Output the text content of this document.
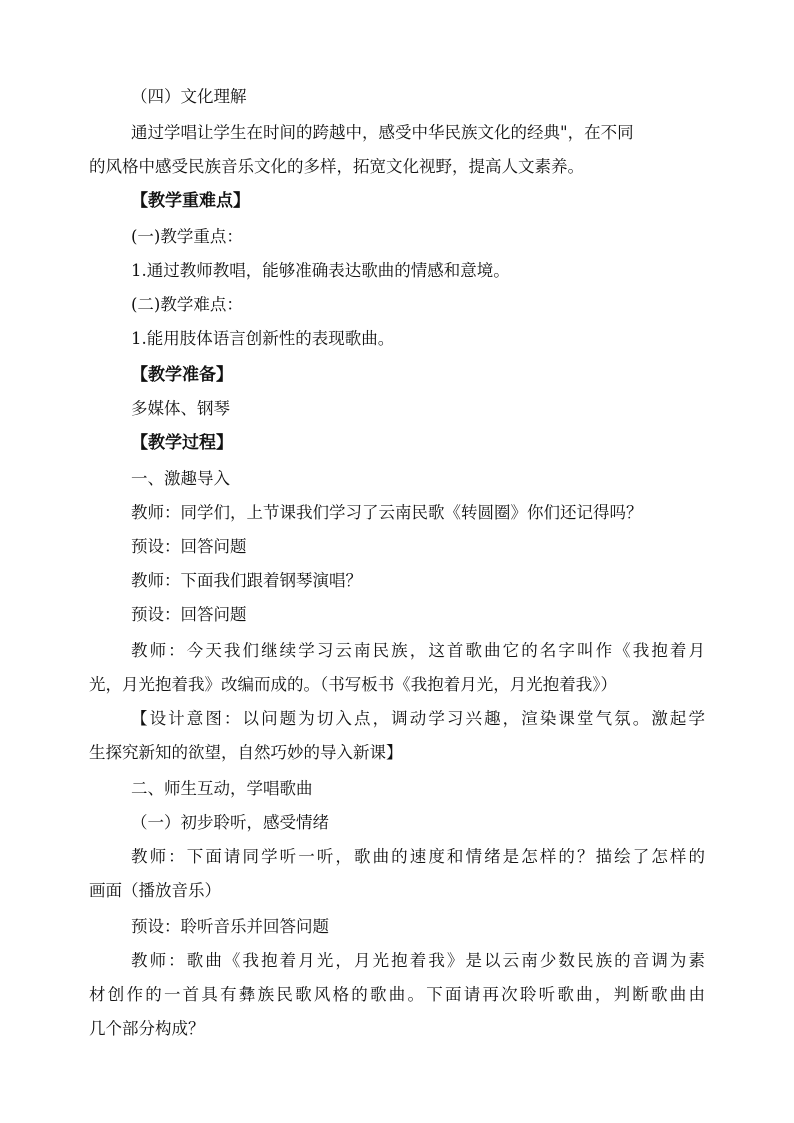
（四）文化理解
通过学唱让学生在时间的跨越中，感受中华民族文化的经典"，在不同
的风格中感受民族音乐文化的多样，拓宽文化视野，提高人文素养。
【教学重难点】
(一)教学重点：
1.通过教师教唱，能够准确表达歌曲的情感和意境。
(二)教学难点：
1.能用肢体语言创新性的表现歌曲。
【教学准备】
多媒体、钢琴
【教学过程】
一、激趣导入
教师：同学们，上节课我们学习了云南民歌《转圆圈》你们还记得吗？
预设：回答问题
教师：下面我们跟着钢琴演唱？
预设：回答问题
教师：今天我们继续学习云南民族，这首歌曲它的名字叫作《我抱着月
光，月光抱着我》改编而成的。（书写板书《我抱着月光，月光抱着我》）
【设计意图：以问题为切入点，调动学习兴趣，渲染课堂气氛。激起学
生探究新知的欲望，自然巧妙的导入新课】
二、师生互动，学唱歌曲
（一）初步聆听，感受情绪
教师：下面请同学听一听，歌曲的速度和情绪是怎样的？描绘了怎样的
画面（播放音乐）
预设：聆听音乐并回答问题
教师：歌曲《我抱着月光，月光抱着我》是以云南少数民族的音调为素
材创作的一首具有彝族民歌风格的歌曲。下面请再次聆听歌曲，判断歌曲由
几个部分构成？
